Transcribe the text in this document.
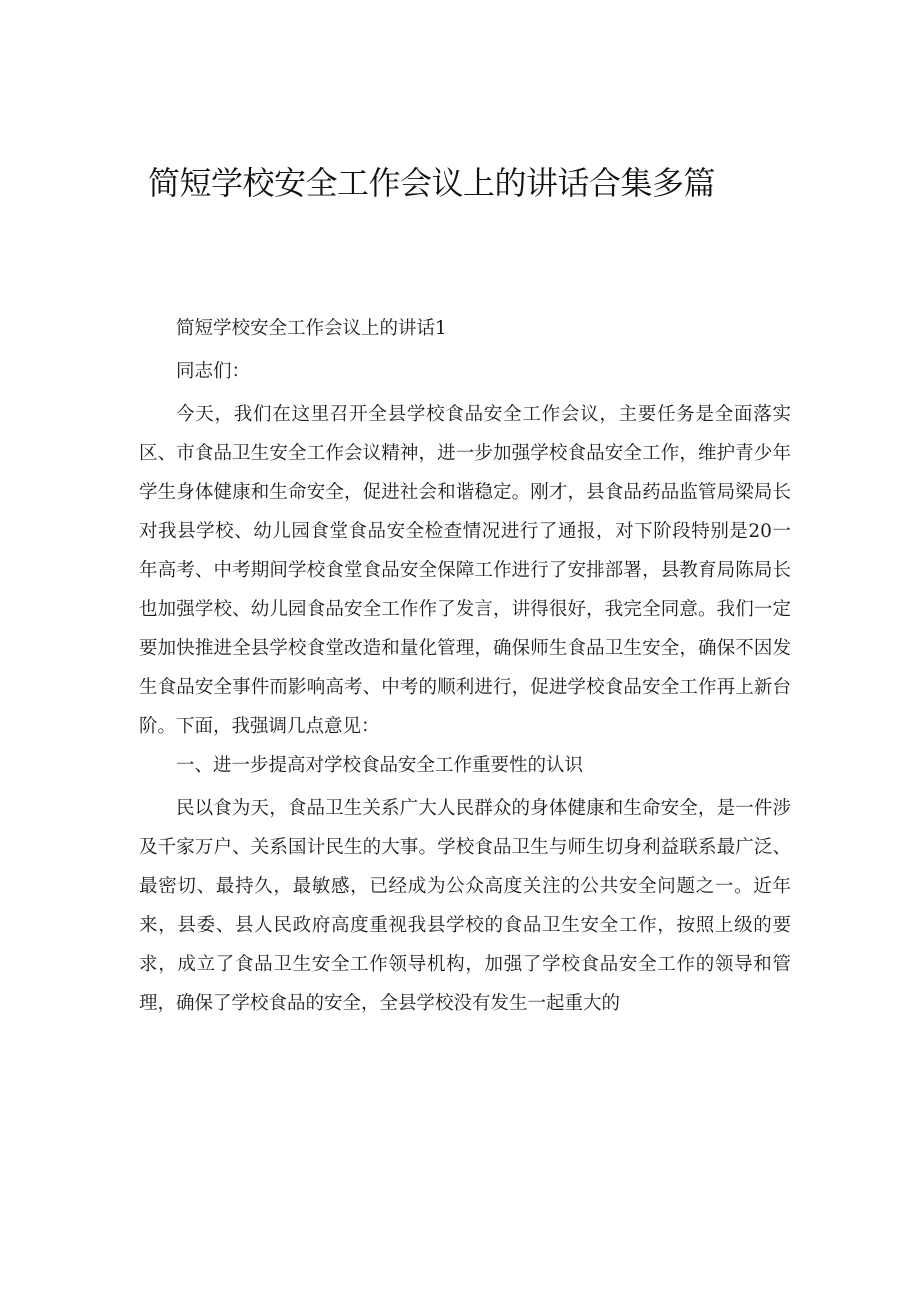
简短学校安全工作会议上的讲话合集多篇

简短学校安全工作会议上的讲话1

同志们：

今天，我们在这里召开全县学校食品安全工作会议，主要任务是全面落实区、市食品卫生安全工作会议精神，进一步加强学校食品安全工作，维护青少年学生身体健康和生命安全，促进社会和谐稳定。刚才，县食品药品监管局梁局长对我县学校、幼儿园食堂食品安全检查情况进行了通报，对下阶段特别是20一年高考、中考期间学校食堂食品安全保障工作进行了安排部署，县教育局陈局长也加强学校、幼儿园食品安全工作作了发言，讲得很好，我完全同意。我们一定要加快推进全县学校食堂改造和量化管理，确保师生食品卫生安全，确保不因发生食品安全事件而影响高考、中考的顺利进行，促进学校食品安全工作再上新台阶。下面，我强调几点意见：

一、进一步提高对学校食品安全工作重要性的认识

民以食为天，食品卫生关系广大人民群众的身体健康和生命安全，是一件涉及千家万户、关系国计民生的大事。学校食品卫生与师生切身利益联系最广泛、最密切、最持久，最敏感，已经成为公众高度关注的公共安全问题之一。近年来，县委、县人民政府高度重视我县学校的食品卫生安全工作，按照上级的要求，成立了食品卫生安全工作领导机构，加强了学校食品安全工作的领导和管理，确保了学校食品的安全，全县学校没有发生一起重大的
